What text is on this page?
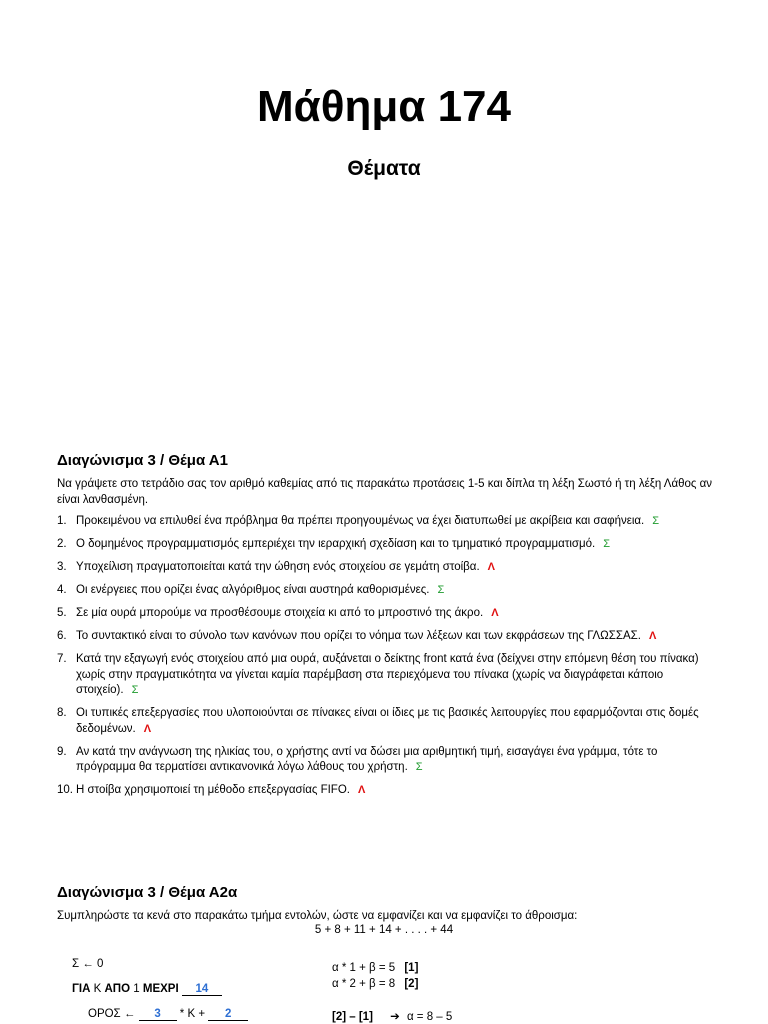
Μάθημα 174
Θέματα
Διαγώνισμα 3 / Θέμα Α1
Να γράψετε στο τετράδιο σας τον αριθμό καθεμίας από τις παρακάτω προτάσεις 1-5 και δίπλα τη λέξη Σωστό ή τη λέξη Λάθος αν είναι λανθασμένη.
1. Προκειμένου να επιλυθεί ένα πρόβλημα θα πρέπει προηγουμένως να έχει διατυπωθεί με ακρίβεια και σαφήνεια. Σ
2. Ο δομημένος προγραμματισμός εμπεριέχει την ιεραρχική σχεδίαση και το τμηματικό προγραμματισμό. Σ
3. Υποχείλιση πραγματοποιείται κατά την ώθηση ενός στοιχείου σε γεμάτη στοίβα. Λ
4. Οι ενέργειες που ορίζει ένας αλγόριθμος είναι αυστηρά καθορισμένες. Σ
5. Σε μία ουρά μπορούμε να προσθέσουμε στοιχεία κι από το μπροστινό της άκρο. Λ
6. Το συντακτικό είναι το σύνολο των κανόνων που ορίζει το νόημα των λέξεων και των εκφράσεων της ΓΛΩΣΣΑΣ. Λ
7. Κατά την εξαγωγή ενός στοιχείου από μια ουρά, αυξάνεται ο δείκτης front κατά ένα (δείχνει στην επόμενη θέση του πίνακα) χωρίς στην πραγματικότητα να γίνεται καμία παρέμβαση στα περιεχόμενα του πίνακα (χωρίς να διαγράφεται κάποιο στοιχείο). Σ
8. Οι τυπικές επεξεργασίες που υλοποιούνται σε πίνακες είναι οι ίδιες με τις βασικές λειτουργίες που εφαρμόζονται στις δομές δεδομένων. Λ
9. Αν κατά την ανάγνωση της ηλικίας του, ο χρήστης αντί να δώσει μια αριθμητική τιμή, εισαγάγει ένα γράμμα, τότε το πρόγραμμα θα τερματίσει αντικανονικά λόγω λάθους του χρήστη. Σ
10. Η στοίβα χρησιμοποιεί τη μέθοδο επεξεργασίας FIFO. Λ
Διαγώνισμα 3 / Θέμα Α2α
Συμπληρώστε τα κενά στο παρακάτω τμήμα εντολών, ώστε να εμφανίζει και να εμφανίζει το άθροισμα:
5 + 8 + 11 + 14 + . . . . + 44
Σ ← 0
ΓΙΑ Κ ΑΠΟ 1 ΜΕΧΡΙ 14
ΟΡΟΣ ← 3 * Κ + 2
α * 1 + β = 5 [1]
α * 2 + β = 8 [2]
[2] – [1] ➔ α = 8 – 5
